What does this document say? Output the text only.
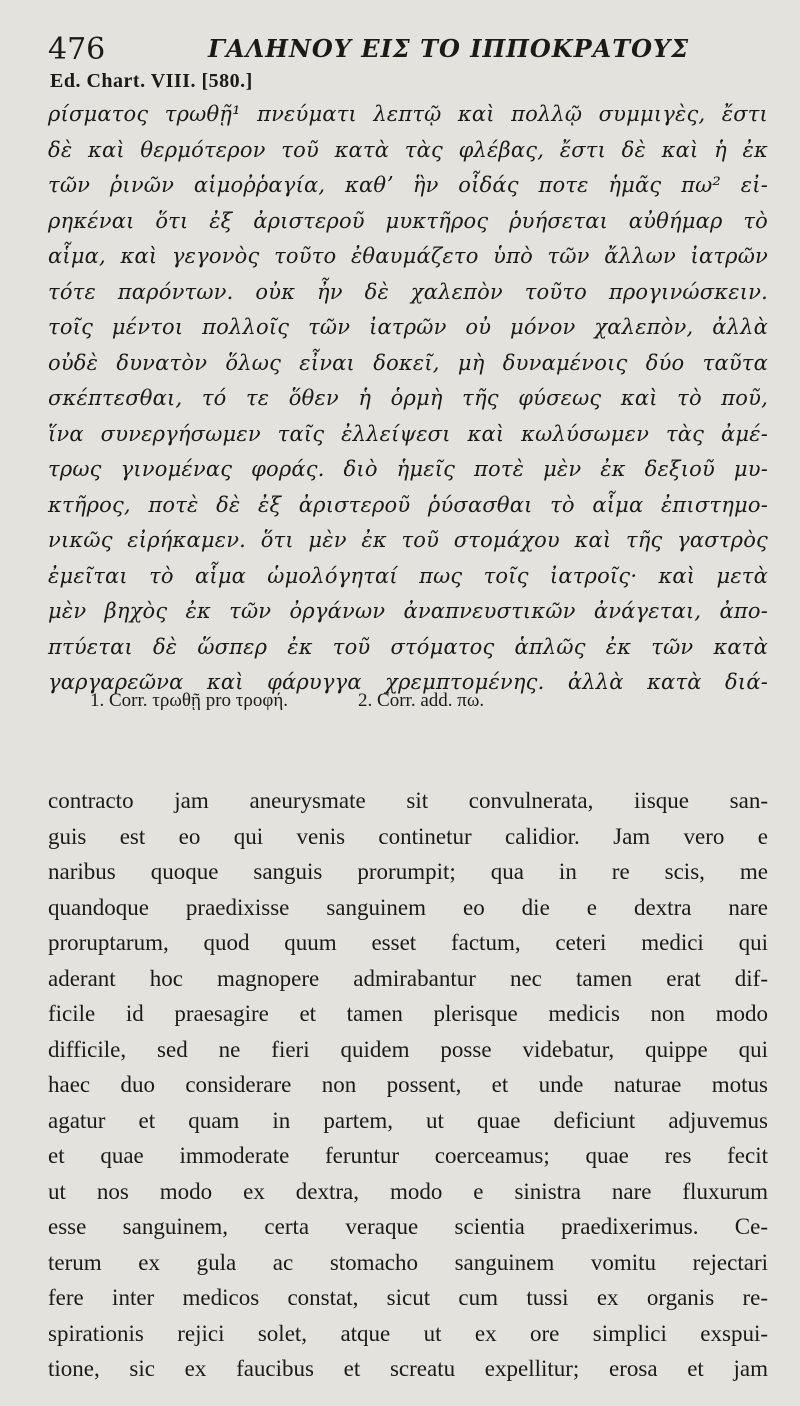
476	ΓΑΛΗΝΟΥ ΕΙΣ ΤΟ ΙΠΠΟΚΡΑΤΟΥΣ
Ed. Chart. VIII. [580.]
ρίσματος τρωθῇ¹ πνεύματι λεπτῷ καὶ πολλῷ συμμιγὲς, ἔστι
δὲ καὶ θερμότερον τοῦ κατὰ τὰς φλέβας, ἔστι δὲ καὶ ἡ ἐκ
τῶν ῥινῶν αἱμοῤῥαγία, καθʼ ἣν οἶδάς ποτε ἡμᾶς πω² εἰ-
ρηκέναι ὅτι ἐξ ἀριστεροῦ μυκτῆρος ῥυήσεται αὐθήμαρ τὸ
αἷμα, καὶ γεγονὸς τοῦτο ἐθαυμάζετο ὑπὸ τῶν ἄλλων ἰατρῶν
τότε παρόντων. οὐκ ἦν δὲ χαλεπὸν τοῦτο προγινώσκειν.
τοῖς μέντοι πολλοῖς τῶν ἰατρῶν οὐ μόνον χαλεπὸν, ἀλλὰ
οὐδὲ δυνατὸν ὅλως εἶναι δοκεῖ, μὴ δυναμένοις δύο ταῦτα
σκέπτεσθαι, τό τε ὅθεν ἡ ὁρμὴ τῆς φύσεως καὶ τὸ ποῦ,
ἵνα συνεργήσωμεν ταῖς ἐλλείψεσι καὶ κωλύσωμεν τὰς ἀμέ-
τρως γινομένας φοράς. διὸ ἡμεῖς ποτὲ μὲν ἐκ δεξιοῦ μυ-
κτῆρος, ποτὲ δὲ ἐξ ἀριστεροῦ ῥύσασθαι τὸ αἷμα ἐπιστημο-
νικῶς εἰρήκαμεν. ὅτι μὲν ἐκ τοῦ στομάχου καὶ τῆς γαστρὸς
ἐμεῖται τὸ αἷμα ὡμολόγηταί πως τοῖς ἰατροῖς· καὶ μετὰ
μὲν βηχὸς ἐκ τῶν ὀργάνων ἀναπνευστικῶν ἀνάγεται, ἀπο-
πτύεται δὲ ὥσπερ ἐκ τοῦ στόματος ἁπλῶς ἐκ τῶν κατὰ
γαργαρεῶνα καὶ φάρυγγα χρεμπτομένης. ἀλλὰ κατὰ διά-
1. Corr. τρωθῇ pro τροφή.	2. Corr. add. πω.
contracto jam aneurysmate sit convulnerata, iisque san-
guis est eo qui venis continetur calidior. Jam vero e
naribus quoque sanguis prorumpit; qua in re scis, me
quandoque praedixisse sanguinem eo die e dextra nare
proruptarum, quod quum esset factum, ceteri medici qui
aderant hoc magnopere admirabantur nec tamen erat dif-
ficile id praesagire et tamen plerisque medicis non modo
difficile, sed ne fieri quidem posse videbatur, quippe qui
haec duo considerare non possent, et unde naturae motus
agatur et quam in partem, ut quae deficiunt adjuvemus
et quae immoderate feruntur coerceamus; quae res fecit
ut nos modo ex dextra, modo e sinistra nare fluxurum
esse sanguinem, certa veraque scientia praedixerimus. Ce-
terum ex gula ac stomacho sanguinem vomitu rejectari
fere inter medicos constat, sicut cum tussi ex organis re-
spirationis rejici solet, atque ut ex ore simplici exspui-
tione, sic ex faucibus et screatu expellitur; erosa et jam
